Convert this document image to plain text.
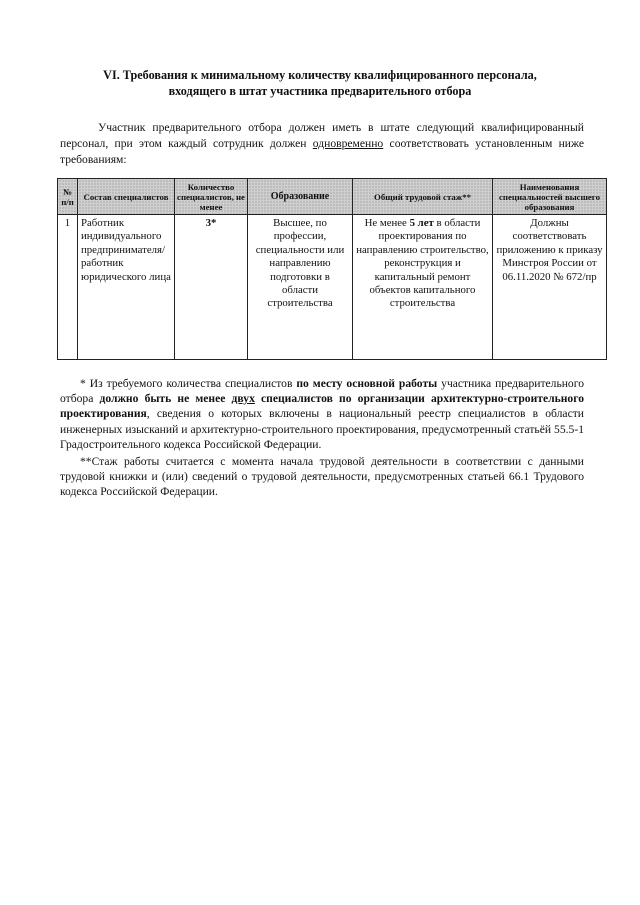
VI. Требования к минимальному количеству квалифицированного персонала,
входящего в штат участника предварительного отбора
Участник предварительного отбора должен иметь в штате следующий квалифицированный персонал, при этом каждый сотрудник должен одновременно соответствовать установленным ниже требованиям:
№ п/п	Состав специалистов	Количество специалистов, не менее	Образование	Общий трудовой стаж**	Наименования специальностей высшего образования
1	Работник индивидуального предпринимателя/ работник юридического лица	3*	Высшее, по профессии, специальности или направлению подготовки в области строительства	Не менее 5 лет в области проектирования по направлению строительство, реконструкция и капитальный ремонт объектов капитального строительства	Должны соответствовать приложению к приказу Минстроя России от 06.11.2020 № 672/пр

* Из требуемого количества специалистов по месту основной работы участника предварительного отбора должно быть не менее двух специалистов по организации архитектурно-строительного проектирования, сведения о которых включены в национальный реестр специалистов в области инженерных изысканий и архитектурно-строительного проектирования, предусмотренный статьёй 55.5-1 Градостроительного кодекса Российской Федерации.

**Стаж работы считается с момента начала трудовой деятельности в соответствии с данными трудовой книжки и (или) сведений о трудовой деятельности, предусмотренных статьей 66.1 Трудового кодекса Российской Федерации.
